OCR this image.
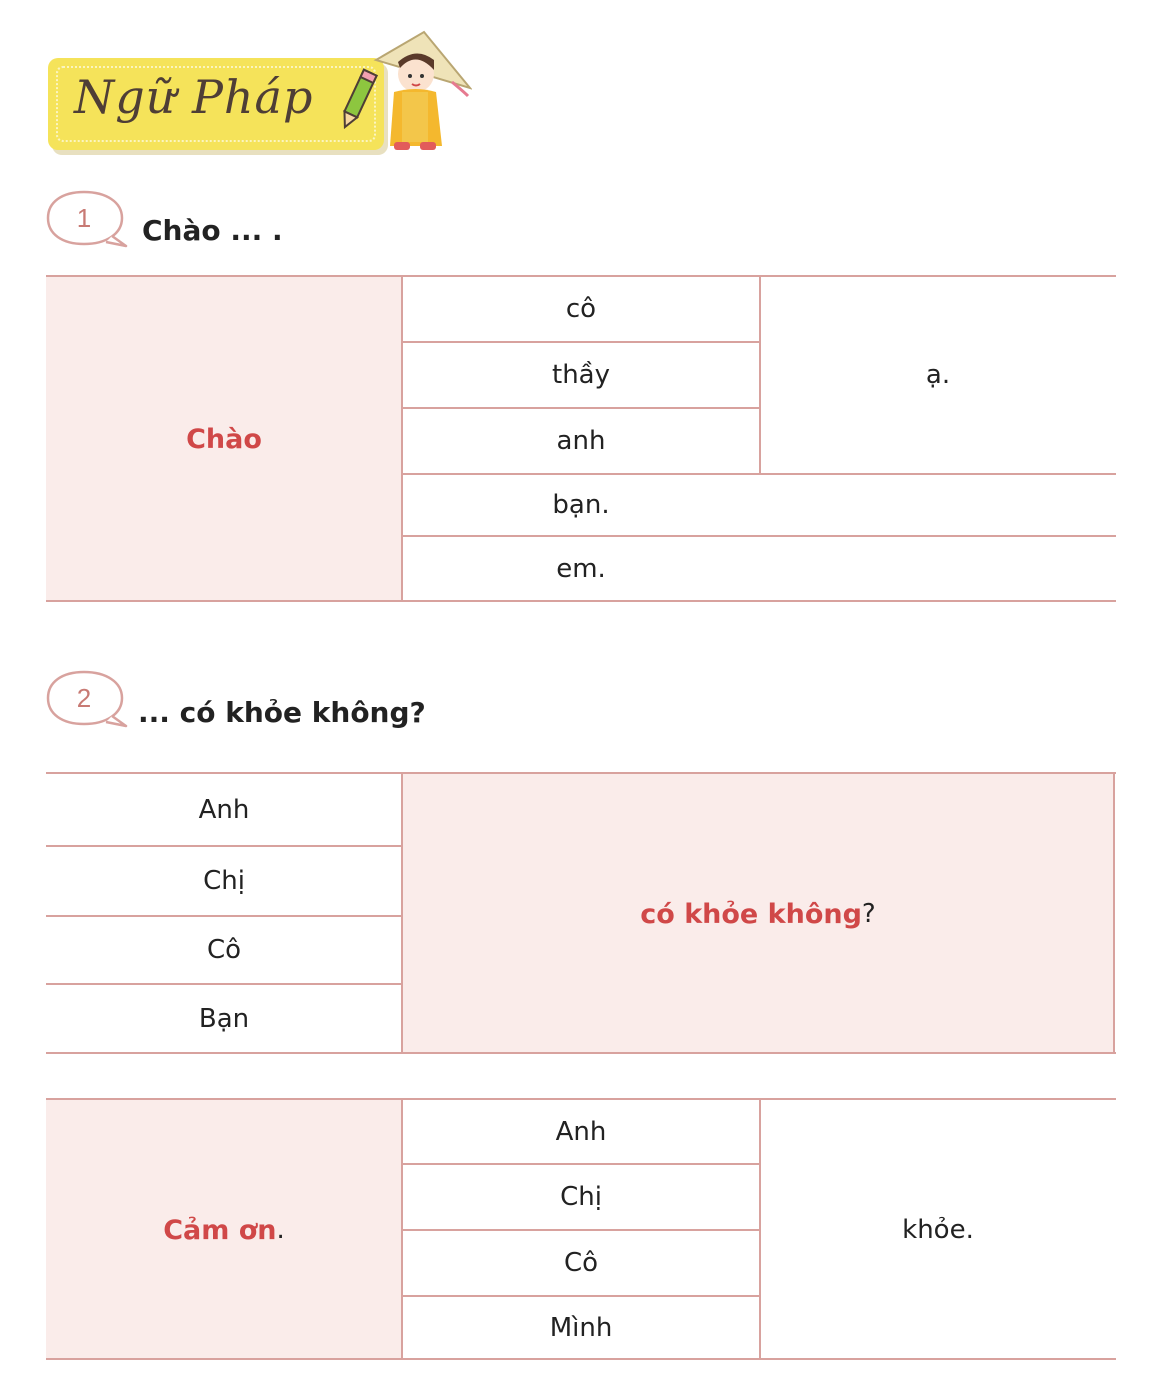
Ngữ Pháp
1	Chào ... .
Chào
cô
thầy
anh
ạ.
bạn.
em.
2	... có khỏe không?
Anh
Chị
Cô
Bạn
có khỏe không ?
Cảm ơn .
Anh
Chị
Cô
Mình
khỏe.
